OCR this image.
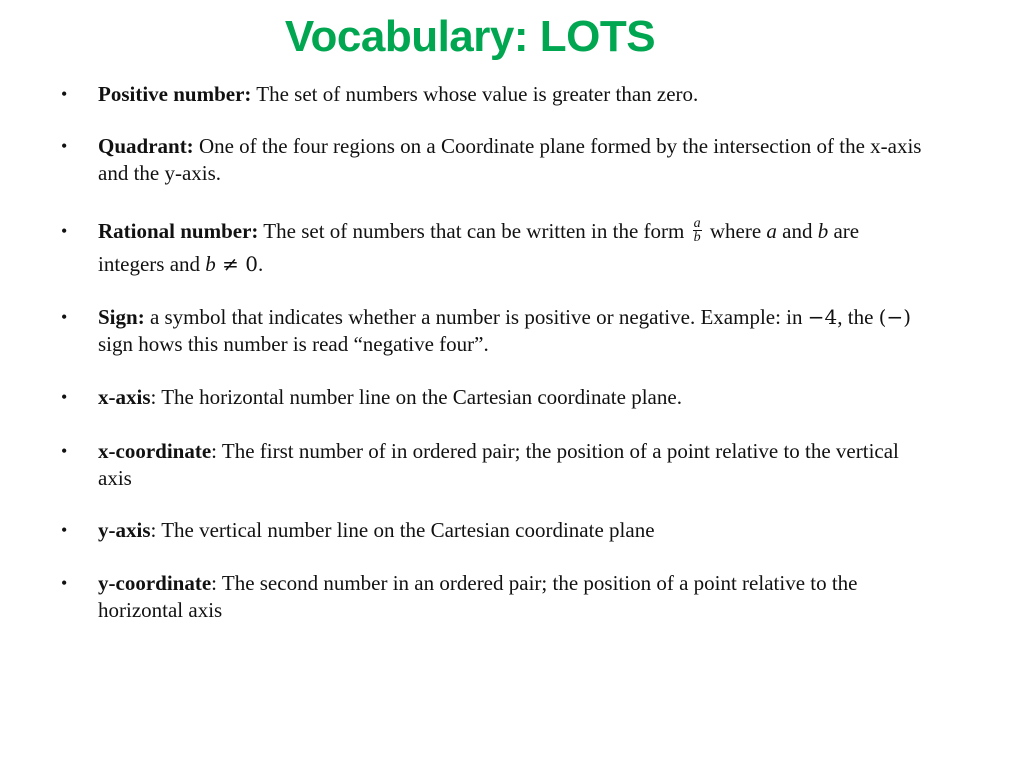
Vocabulary: LOTS
• Positive number: The set of numbers whose value is greater than zero.
• Quadrant: One of the four regions on a Coordinate plane formed by the intersection of the x-axis and the y-axis.
• Rational number: The set of numbers that can be written in the form $\frac{a}{b}$ where a and b are integers and b ≠ 0.
• Sign: a symbol that indicates whether a number is positive or negative. Example: in −4, the (−) sign hows this number is read “negative four”.
• x-axis: The horizontal number line on the Cartesian coordinate plane.
• x-coordinate: The first number of in ordered pair; the position of a point relative to the vertical axis
• y-axis: The vertical number line on the Cartesian coordinate plane
• y-coordinate: The second number in an ordered pair; the position of a point relative to the horizontal axis
